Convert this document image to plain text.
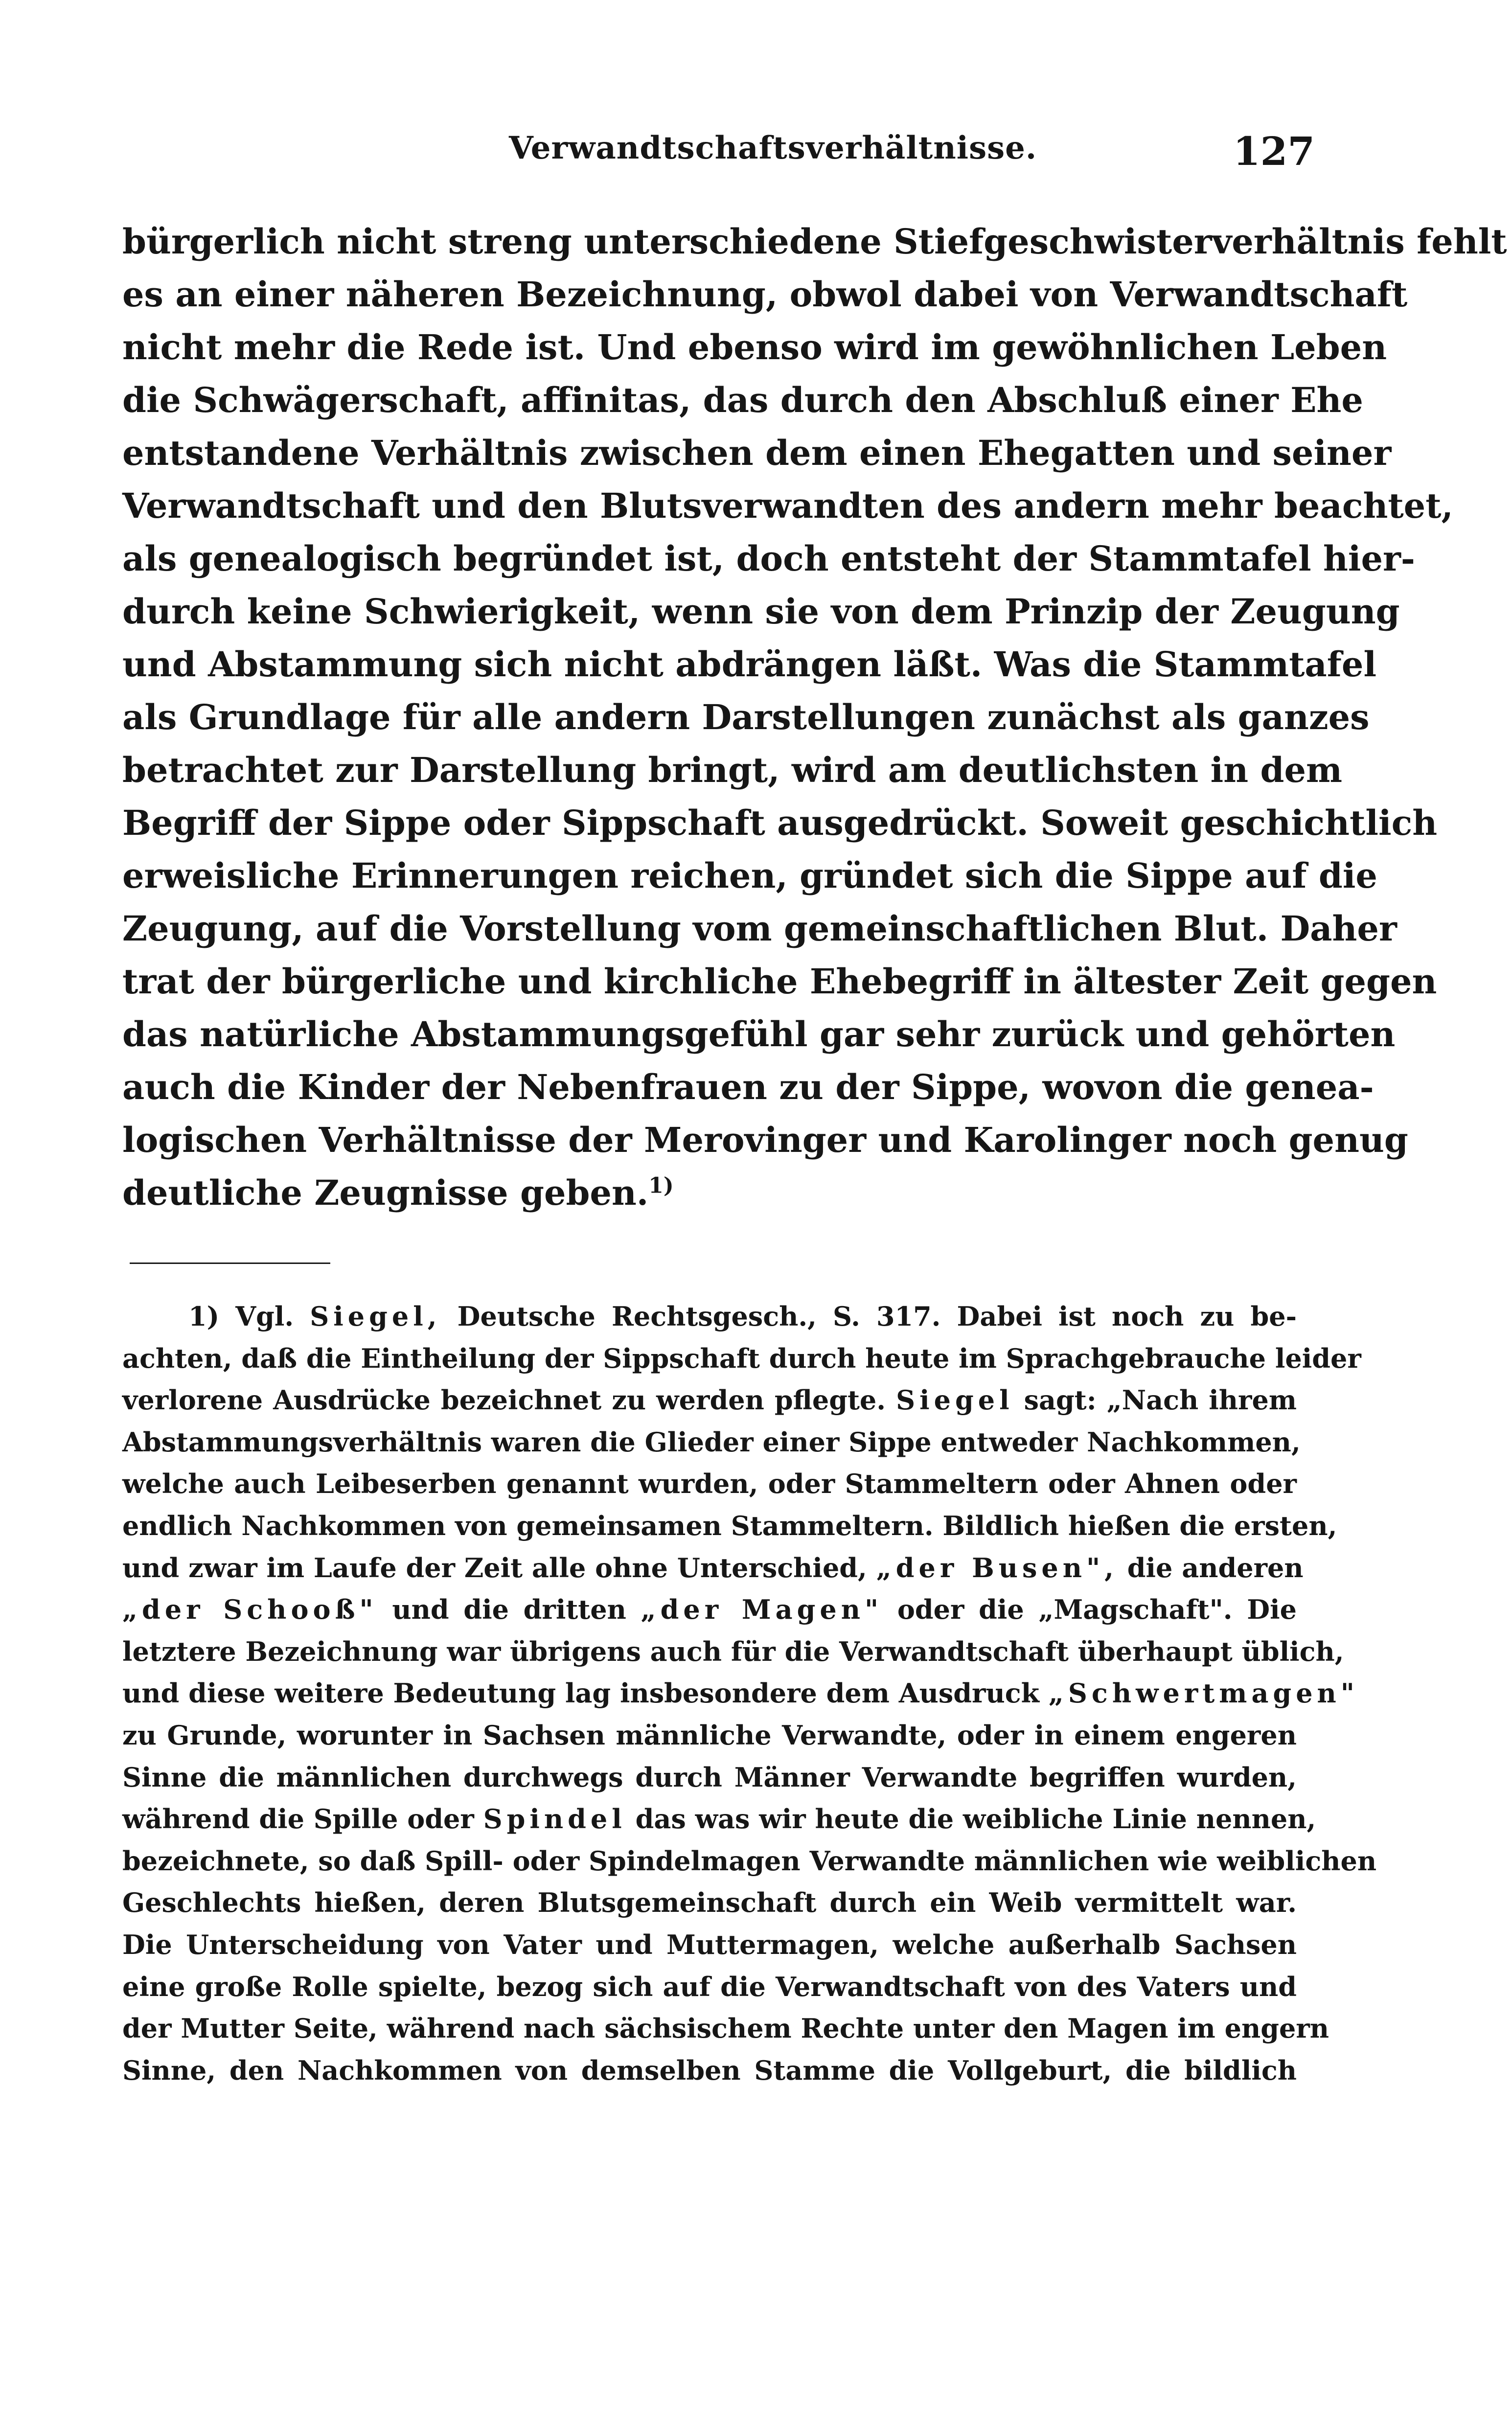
Verwandtschaftsverhältnisse.	127
bürgerlich nicht streng unterschiedene Stiefgeschwisterverhältnis fehlt
es an einer näheren Bezeichnung, obwol dabei von Verwandtschaft
nicht mehr die Rede ist. Und ebenso wird im gewöhnlichen Leben
die Schwägerschaft, affinitas, das durch den Abschluß einer Ehe
entstandene Verhältnis zwischen dem einen Ehegatten und seiner
Verwandtschaft und den Blutsverwandten des andern mehr beachtet,
als genealogisch begründet ist, doch entsteht der Stammtafel hier-
durch keine Schwierigkeit, wenn sie von dem Prinzip der Zeugung
und Abstammung sich nicht abdrängen läßt. Was die Stammtafel
als Grundlage für alle andern Darstellungen zunächst als ganzes
betrachtet zur Darstellung bringt, wird am deutlichsten in dem
Begriff der Sippe oder Sippschaft ausgedrückt. Soweit geschichtlich
erweisliche Erinnerungen reichen, gründet sich die Sippe auf die
Zeugung, auf die Vorstellung vom gemeinschaftlichen Blut. Daher
trat der bürgerliche und kirchliche Ehebegriff in ältester Zeit gegen
das natürliche Abstammungsgefühl gar sehr zurück und gehörten
auch die Kinder der Nebenfrauen zu der Sippe, wovon die genea-
logischen Verhältnisse der Merovinger und Karolinger noch genug
deutliche Zeugnisse geben.$^{1)}$
1) Vgl. Siegel, Deutsche Rechtsgesch., S. 317. Dabei ist noch zu be-
achten, daß die Eintheilung der Sippschaft durch heute im Sprachgebrauche leider
verlorene Ausdrücke bezeichnet zu werden pflegte. Siegel sagt: „Nach ihrem
Abstammungsverhältnis waren die Glieder einer Sippe entweder Nachkommen,
welche auch Leibeserben genannt wurden, oder Stammeltern oder Ahnen oder
endlich Nachkommen von gemeinsamen Stammeltern. Bildlich hießen die ersten,
und zwar im Laufe der Zeit alle ohne Unterschied, „der Busen", die anderen
„der Schooß" und die dritten „der Magen" oder die „Magschaft". Die
letztere Bezeichnung war übrigens auch für die Verwandtschaft überhaupt üblich,
und diese weitere Bedeutung lag insbesondere dem Ausdruck „Schwertmagen"
zu Grunde, worunter in Sachsen männliche Verwandte, oder in einem engeren
Sinne die männlichen durchwegs durch Männer Verwandte begriffen wurden,
während die Spille oder Spindel das was wir heute die weibliche Linie nennen,
bezeichnete, so daß Spill- oder Spindelmagen Verwandte männlichen wie weiblichen
Geschlechts hießen, deren Blutsgemeinschaft durch ein Weib vermittelt war.
Die Unterscheidung von Vater und Muttermagen, welche außerhalb Sachsen
eine große Rolle spielte, bezog sich auf die Verwandtschaft von des Vaters und
der Mutter Seite, während nach sächsischem Rechte unter den Magen im engern
Sinne, den Nachkommen von demselben Stamme die Vollgeburt, die bildlich
